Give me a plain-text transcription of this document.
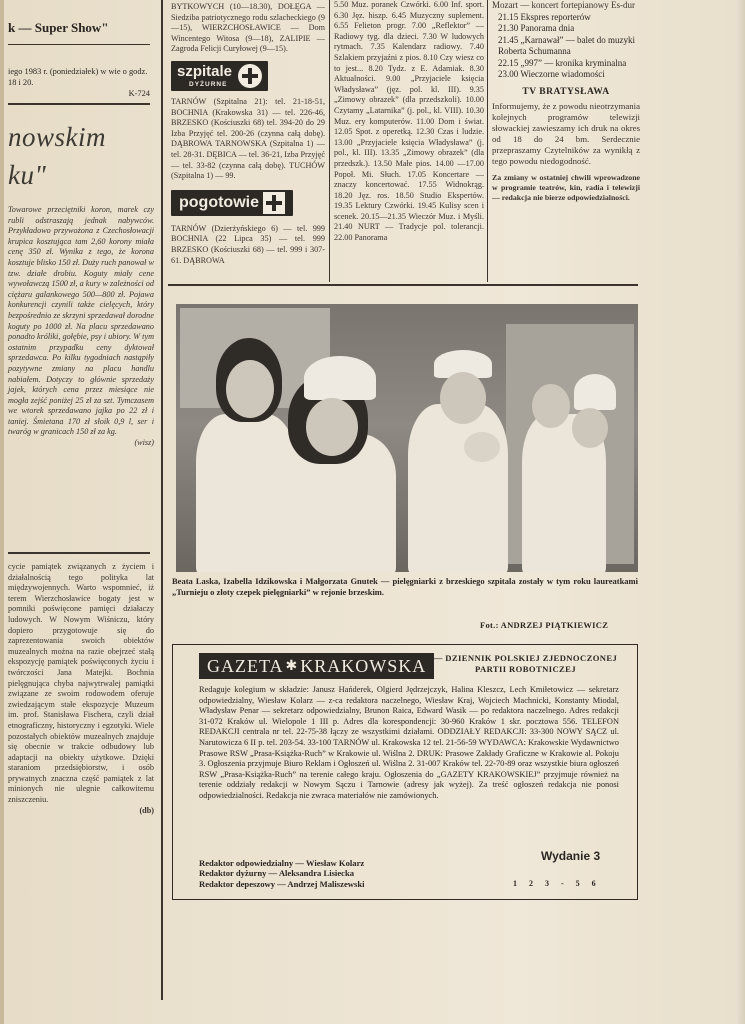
k — Super Show"
iego 1983 r. (poniedziałek) w wie o godz. 18 i 20.
K-724
nowskim
ku"
Towarowe przeciętniki koron, marek czy rubli odstraszają jednak nabywców. Przykładowo przywożona z Czechosłowacji krupica kosztująca tam 2,60 korony miała cenę 350 zł. Wynika z tego, że korona kosztuje blisko 150 zł. Duży ruch panował w tzw. działe drobiu. Koguty miały cene wywoławczą 1500 zł, a kury w zależności od ciężaru galankowego 500—800 zł. Pojawa konkurencji czynili także cielęcych, który bezpośrednio ze skrzyni sprzedawał dorodne koguty po 1000 zł. Na placu sprzedawano ponadto króliki, gołębie, psy i ubiory. W tym ostatnim przypadku ceny dyktował sprzedawca. Po kilku tygodniach nastąpiły pozytywne zmiany na placu handlu nabiałem. Dotyczy to głównie sprzedaży jajek, których cena przez miesiące nie mogła zejść poniżej 25 zł za szt. Tymczasem we wtorek sprzedawano jajka po 22 zł i taniej. Śmietana 170 zł słoik 0,9 l, ser i twaróg w granicach 150 zł za kg.
(wisz)
cycie pamiątek związanych z życiem i działalnością tego polityka lat międzywojennych. Warto wspomnieć, iż terem Wierzchosławice bogaty jest w pomniki poświęcone pamięci działaczy ludowych. W Nowym Wiśniczu, który dopiero przygotowuje się do zaprezentowania swoich obiektów muzealnych można na razie obejrzeć stałą ekspozycję pamiątek poświęconych życiu i twórczości Jana Matejki. Bochnia pielęgnująca chyba najwytrwalej pamiątki związane ze swoim rodowodem oferuje zwiedzającym stałe ekspozycje Muzeum im. prof. Stanisława Fischera, czyli dział etnograficzny, historyczny i egzotyki. Wiele pozostałych obiektów muzealnych znajduje się obecnie w trakcie odbudowy lub adaptacji na obiekty użytkowe. Dzięki staraniom przedsiębiorstw, i osób prywatnych znaczna część pamiątek z lat minionych nie ulegnie całkowitemu zniszczeniu.
(db)
BYTKOWYCH (10—18.30), DOŁĘGA — Siedziba patriotycznego rodu szlacheckiego (9—15), WIERZCHOSŁAWICE — Dom Wincentego Witosa (9—18), ZALIPIE — Zagroda Felicji Curyłowej (9—15).
szpitale
DYŻURNE
TARNÓW (Szpitalna 21): tel. 21-18-51, BOCHNIA (Krakowska 31) — tel. 226-46, BRZESKO (Kościuszki 68) tel. 394-20 do 29 Izba Przyjęć tel. 200-26 (czynna całą dobę). DĄBROWA TARNOWSKA (Szpitalna 1) — tel. 28-31. DĘBICA — tel. 36-21, Izba Przyjęć — tel. 33-82 (czynna całą dobę). TUCHÓW (Szpitalna 1) — 99.
pogotowie
TARNÓW (Dzierżyńskiego 6) — tel. 999 BOCHNIA (22 Lipca 35) — tel. 999 BRZESKO (Kościuszki 68) — tel. 999 i 307-61. DĄBROWA
5.50 Muz. poranek Czwórki. 6.00 Inf. sport. 6.30 Jęz. hiszp. 6.45 Muzyczny suplement. 6.55 Felieton progr. 7.00 „Reflektor” — Radiowy tyg. dla dzieci. 7.30 W ludowych rytmach. 7.35 Kalendarz radiowy. 7.40 Szlakiem przyjaźni z pios. 8.10 Czy wiesz co to jest... 8.20 Tydz. z E. Adamiak. 8.30 Aktualności. 9.00 „Przyjaciele księcia Władysława” (jęz. pol. kl. III). 9.35 „Zimowy obrazek” (dla przedszkoli). 10.00 Czytamy „Latarnika” (j. pol., kl. VIII). 10.30 Muz. ery komputerów. 11.00 Dom i świat. 12.05 Spot. z operetką. 12.30 Czas i ludzie. 13.00 „Przyjaciele księcia Władysława” (j. pol., kl. III). 13.35 „Zimowy obrazek” (dla przedszk.). 13.50 Małe pios. 14.00 —17.00 Popoł. Mi. Słuch. 17.05 Koncertare — znaczy koncertować. 17.55 Widnokrąg. 18.20 Jęz. ros. 18.50 Studio Ekspertów. 19.35 Lektury Czwórki. 19.45 Kulisy scen i scenek. 20.15—21.35 Wieczór Muz. i Myśli. 21.40 NURT — Tradycje pol. tolerancji. 22.00 Panorama
Mozart — koncert fortepianowy Es-dur
21.15 Ekspres reporterów
21.30 Panorama dnia
21.45 „Karnawał” — balet do muzyki Roberta Schumanna
22.15 „997” — kronika kryminalna
23.00 Wieczorne wiadomości
TV BRATYSŁAWA
Informujemy, że z powodu nieotrzymania kolejnych programów telewizji słowackiej zawieszamy ich druk na okres od 18 do 24 bm. Serdecznie przepraszamy Czytelników za wynikłą z tego powodu niedogodność.
Za zmiany w ostatniej chwili wprowadzone w programie teatrów, kin, radia i telewizji — redakcja nie bierze odpowiedzialności.
Beata Laska, Izabella Idzikowska i Małgorzata Gnutek — pielęgniarki z brzeskiego szpitala zostały w tym roku laureatkami „Turnieju o złoty czepek pielęgniarki” w rejonie brzeskim.
Fot.: ANDRZEJ PIĄTKIEWICZ
GAZETA ✱ KRAKOWSKA — DZIENNIK POLSKIEJ ZJEDNOCZONEJ PARTII ROBOTNICZEJ
Redaguje kolegium w składzie: Janusz Hańderek, Olgierd Jędrzejczyk, Halina Kleszcz, Lech Kmiłetowicz — sekretarz odpowiedzialny, Wiesław Kolarz — z-ca redaktora naczelnego, Wiesław Kraj, Wojciech Machnicki, Konstanty Miodal, Władysław Penar — sekretarz odpowiedzialny, Brunon Raica, Edward Wasik — po redaktora naczelnego. Adres redakcji 31-072 Kraków ul. Wielopole 1 III p. Adres dla korespondencji: 30-960 Kraków 1 skr. pocztowa 556. TELEFON REDAKCJI centrala nr tel. 22-75-38 łączy ze wszystkimi działami. ODDZIAŁY REDAKCJI: 33-300 NOWY SĄCZ ul. Narutowicza 6 II p. tel. 203-54. 33-100 TARNÓW ul. Krakowska 12 tel. 21-56-59 WYDAWCA: Krakowskie Wydawnictwo Prasowe RSW „Prasa-Książka-Ruch” w Krakowie ul. Wiślna 2. DRUK: Prasowe Zakłady Graficzne w Krakowie al. Pokoju 3. Ogłoszenia przyjmuje Biuro Reklam i Ogłoszeń ul. Wiślna 2. 31-007 Kraków tel. 22-70-89 oraz wszystkie biura ogłoszeń RSW „Prasa-Książka-Ruch” na terenie całego kraju. Ogłoszenia do „GAZETY KRAKOWSKIEJ” przyjmuje również na terenie oddziały redakcji w Nowym Sączu i Tarnowie (adresy jak wyżej). Za treść ogłoszeń redakcja nie ponosi odpowiedzialności. Redakcja nie zwraca materiałów nie zamówionych.
Redaktor odpowiedzialny — Wiesław Kolarz
Redaktor dyżurny — Aleksandra Lisiecka
Redaktor depeszowy — Andrzej Maliszewski
Wydanie 3
1 2 3 - 5 6
